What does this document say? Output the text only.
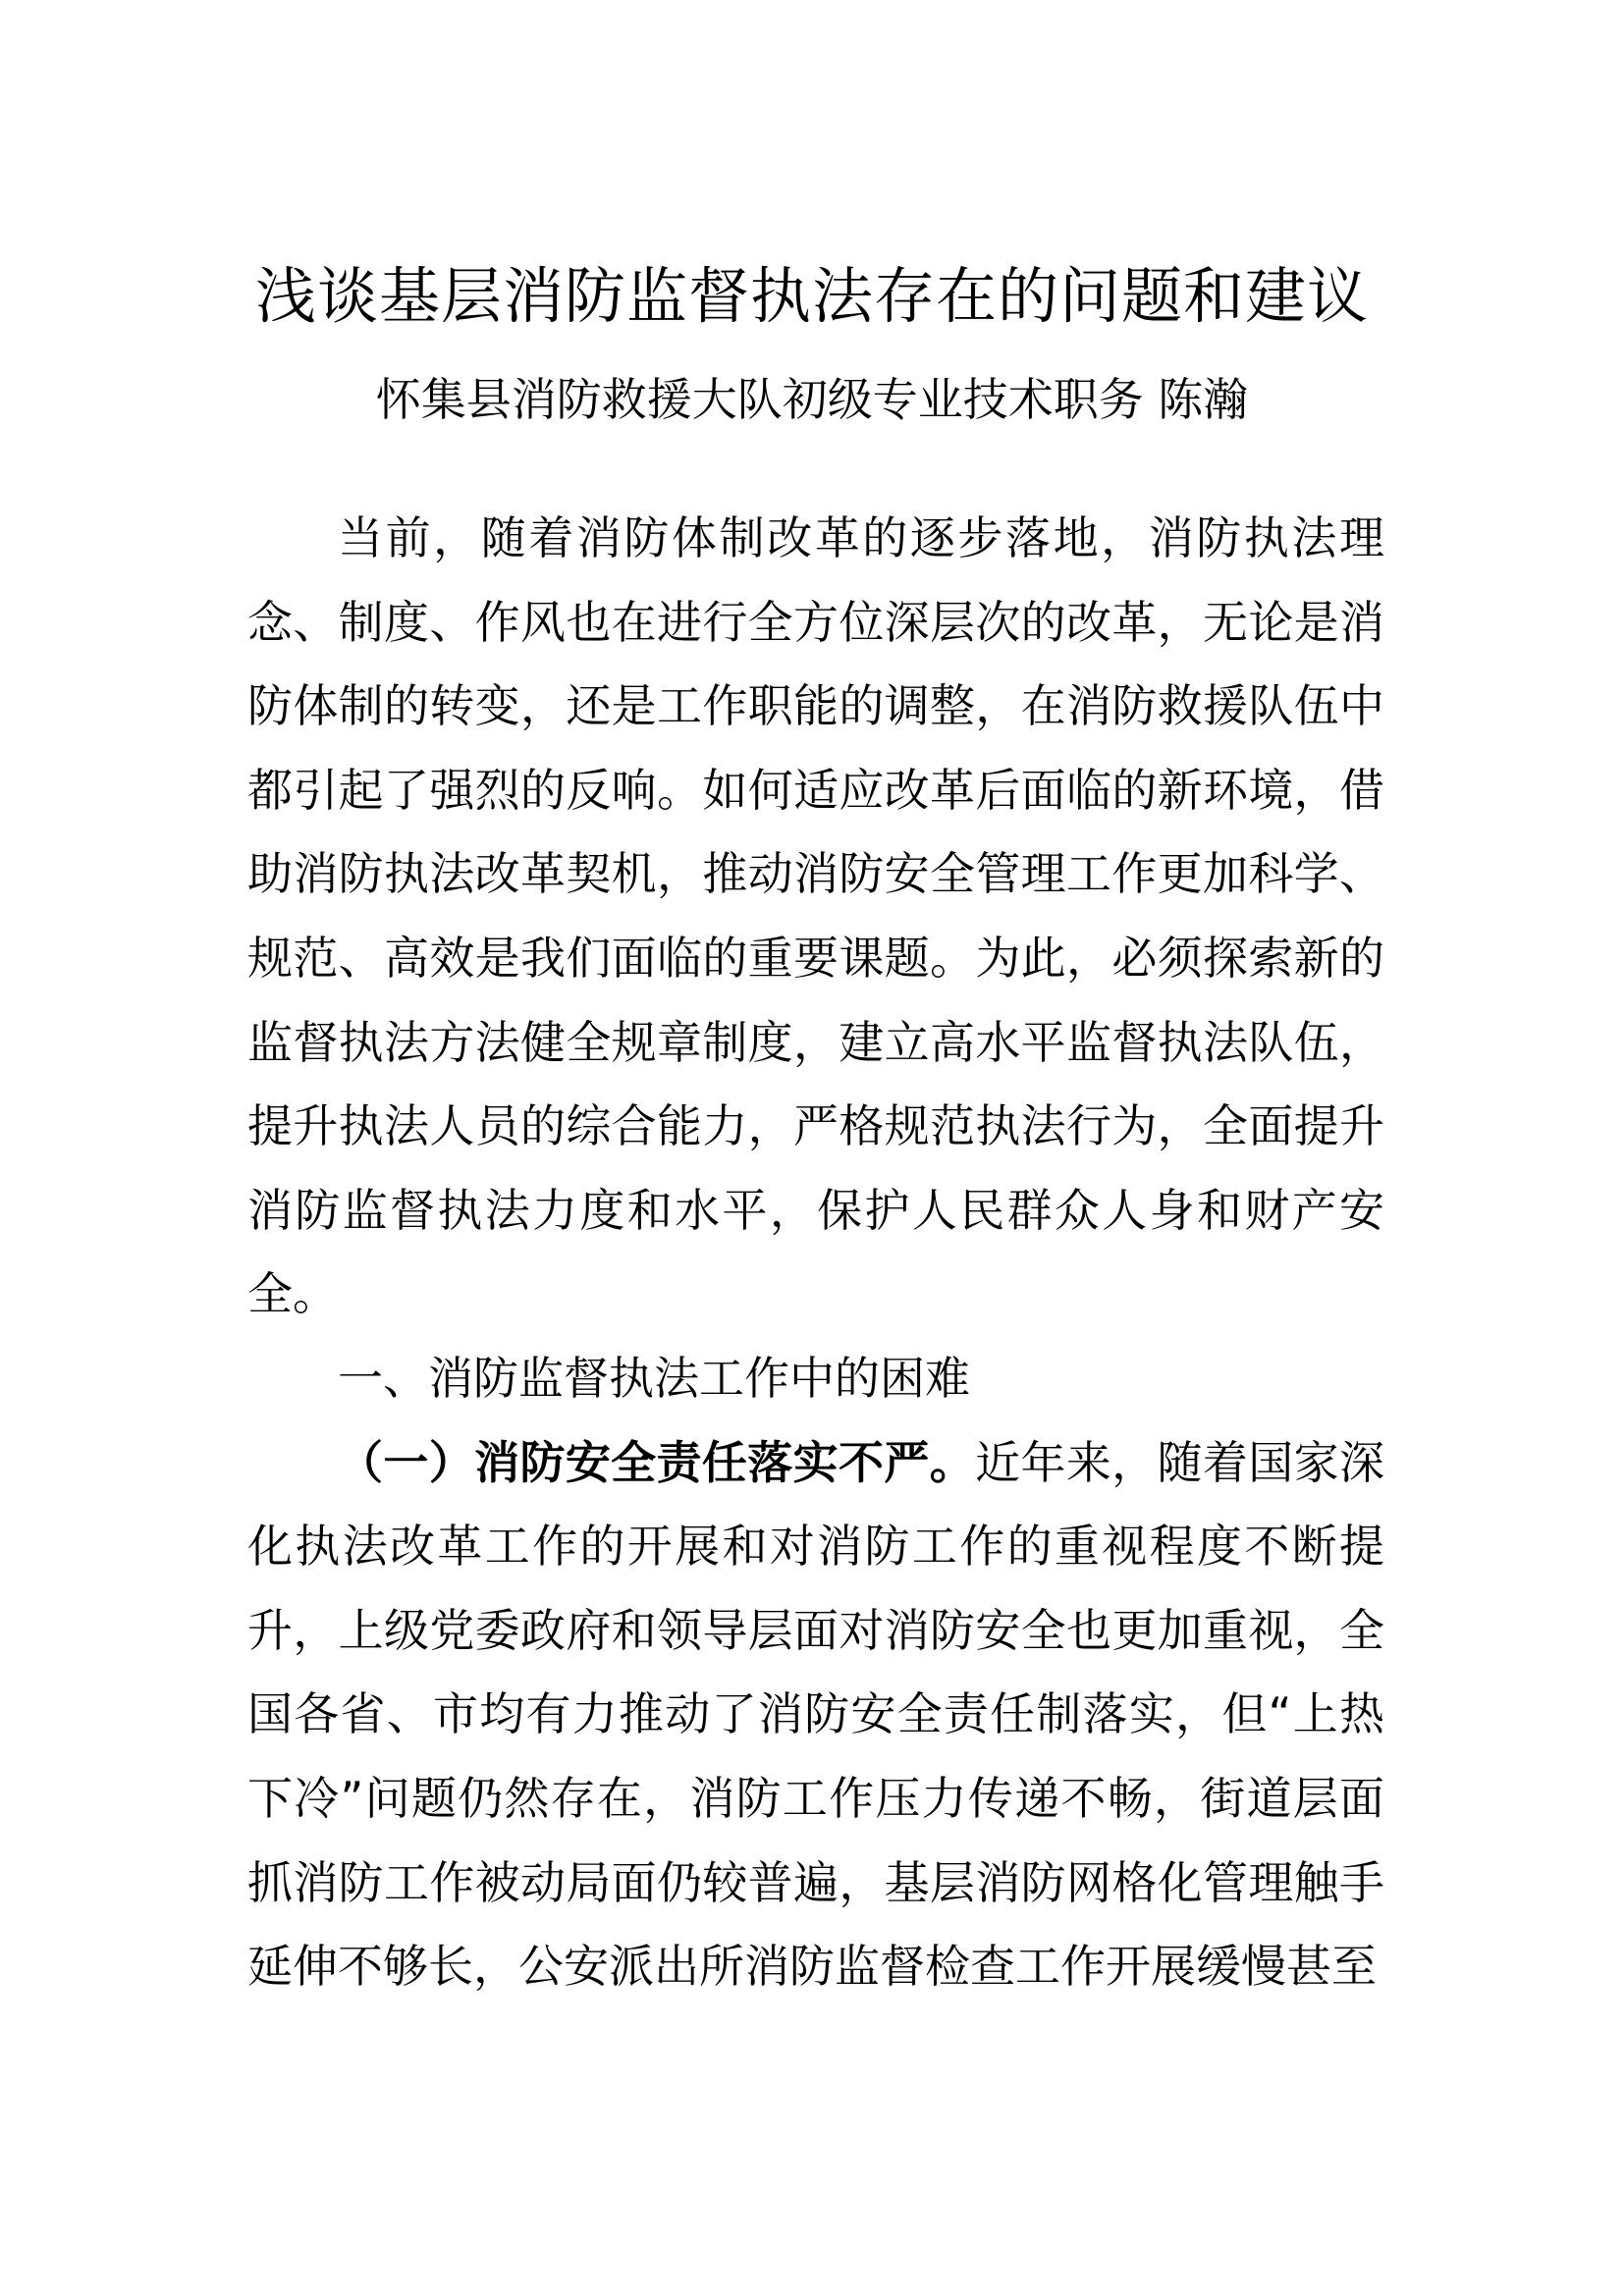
浅谈基层消防监督执法存在的问题和建议
怀集县消防救援大队初级专业技术职务 陈瀚

当前，随着消防体制改革的逐步落地，消防执法理念、制度、作风也在进行全方位深层次的改革，无论是消防体制的转变，还是工作职能的调整，在消防救援队伍中都引起了强烈的反响。如何适应改革后面临的新环境，借助消防执法改革契机，推动消防安全管理工作更加科学、规范、高效是我们面临的重要课题。为此，必须探索新的监督执法方法健全规章制度，建立高水平监督执法队伍，提升执法人员的综合能力，严格规范执法行为，全面提升消防监督执法力度和水平，保护人民群众人身和财产安全。

一、消防监督执法工作中的困难

（一）消防安全责任落实不严。近年来，随着国家深化执法改革工作的开展和对消防工作的重视程度不断提升，上级党委政府和领导层面对消防安全也更加重视，全国各省、市均有力推动了消防安全责任制落实，但“上热下冷”问题仍然存在，消防工作压力传递不畅，街道层面抓消防工作被动局面仍较普遍，基层消防网格化管理触手延伸不够长，公安派出所消防监督检查工作开展缓慢甚至
